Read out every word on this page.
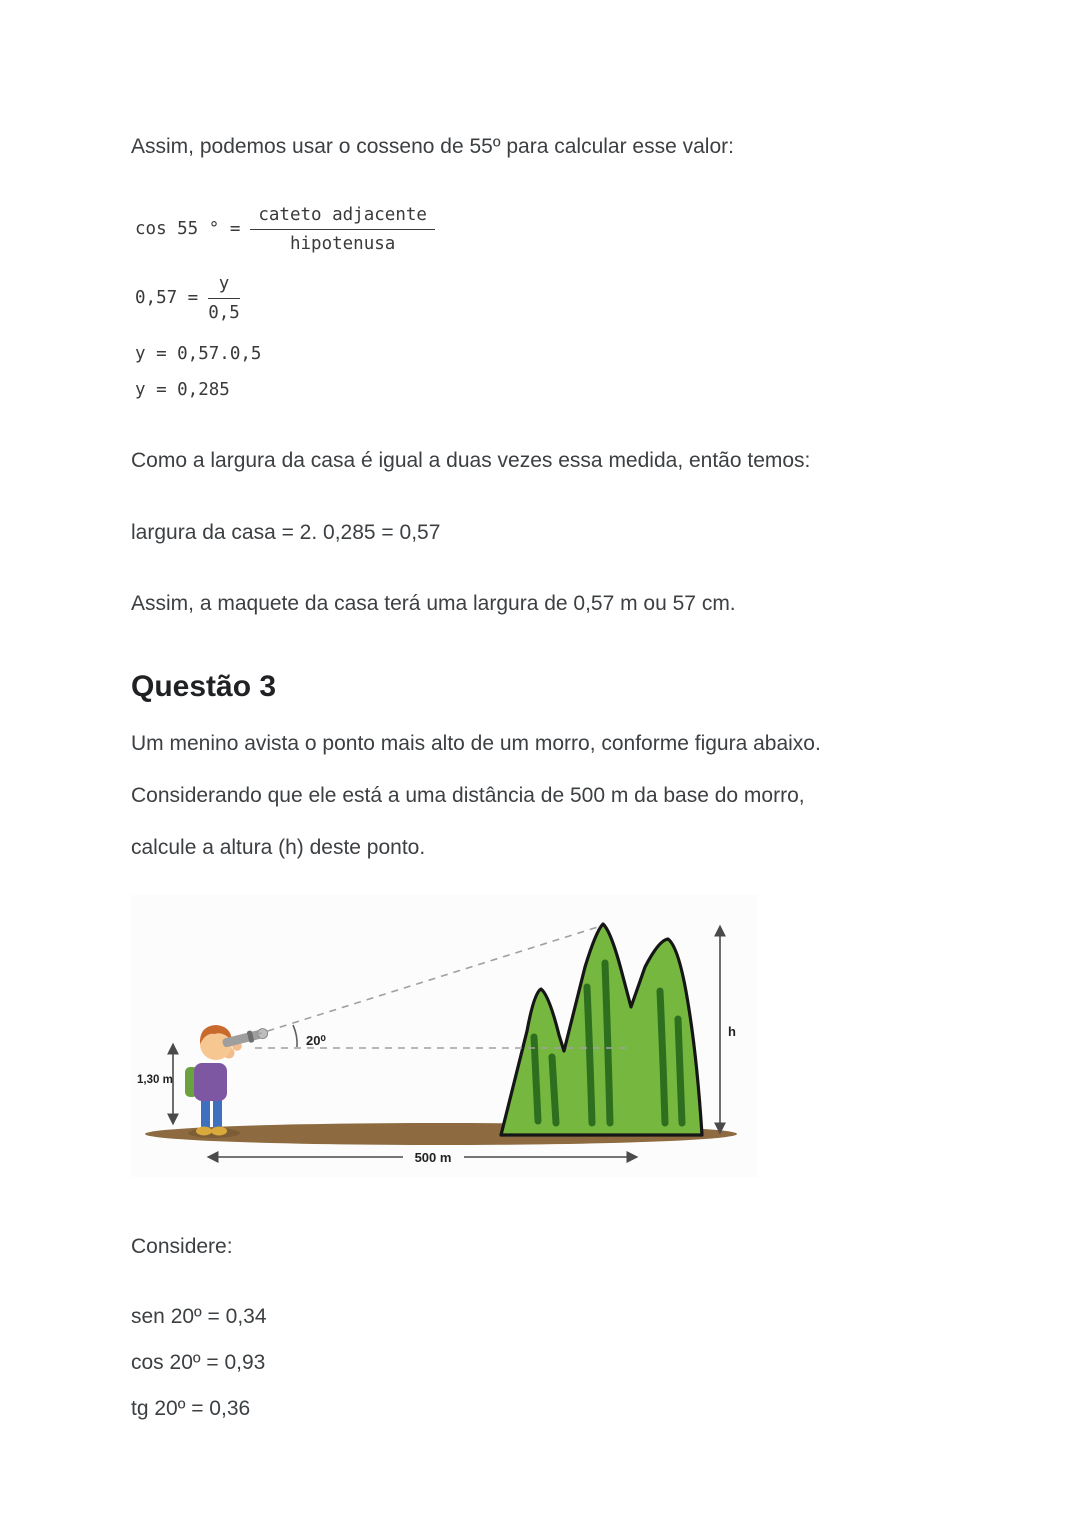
Assim, podemos usar o cosseno de 55º para calcular esse valor:

cos 55 ° = $\frac{\text{cateto adjacente}}{\text{hipotenusa}}$
$0,57 = \frac{y}{0,5}$
y = 0,57.0,5
y = 0,285

Como a largura da casa é igual a duas vezes essa medida, então temos:

largura da casa = 2. 0,285 = 0,57

Assim, a maquete da casa terá uma largura de 0,57 m ou 57 cm.

Questão 3
Um menino avista o ponto mais alto de um morro, conforme figura abaixo.
Considerando que ele está a uma distância de 500 m da base do morro,
calcule a altura (h) deste ponto.
20⁰
1,30 m
h
500 m

Considere:

sen 20º = 0,34
cos 20º = 0,93
tg 20º = 0,36
